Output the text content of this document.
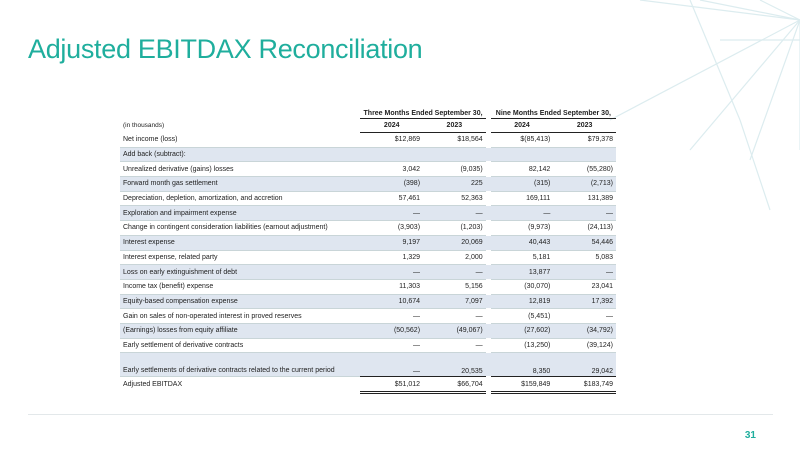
Adjusted EBITDAX Reconciliation
	Three Months Ended September 30,			Nine Months Ended September 30,	
(in thousands)	2024	2023		2024	2023
Net income (loss)	$12,869	$18,564		$(85,413)	$79,378
Add back (subtract):					
Unrealized derivative (gains) losses	3,042	(9,035)		82,142	(55,280)
Forward month gas settlement	(398)	225		(315)	(2,713)
Depreciation, depletion, amortization, and accretion	57,461	52,363		169,111	131,389
Exploration and impairment expense	—	—		—	—
Change in contingent consideration liabilities (earnout adjustment)	(3,903)	(1,203)		(9,973)	(24,113)
Interest expense	9,197	20,069		40,443	54,446
Interest expense, related party	1,329	2,000		5,181	5,083
Loss on early extinguishment of debt	—	—		13,877	—
Income tax (benefit) expense	11,303	5,156		(30,070)	23,041
Equity-based compensation expense	10,674	7,097		12,819	17,392
Gain on sales of non-operated interest in proved reserves	—	—		(5,451)	—
(Earnings) losses from equity affiliate	(50,562)	(49,067)		(27,602)	(34,792)
Early settlement of derivative contracts	—	—		(13,250)	(39,124)
Early settlements of derivative contracts related to the current period	—	20,535		8,350	29,042
Adjusted EBITDAX	$51,012	$66,704		$159,849	$183,749
31
